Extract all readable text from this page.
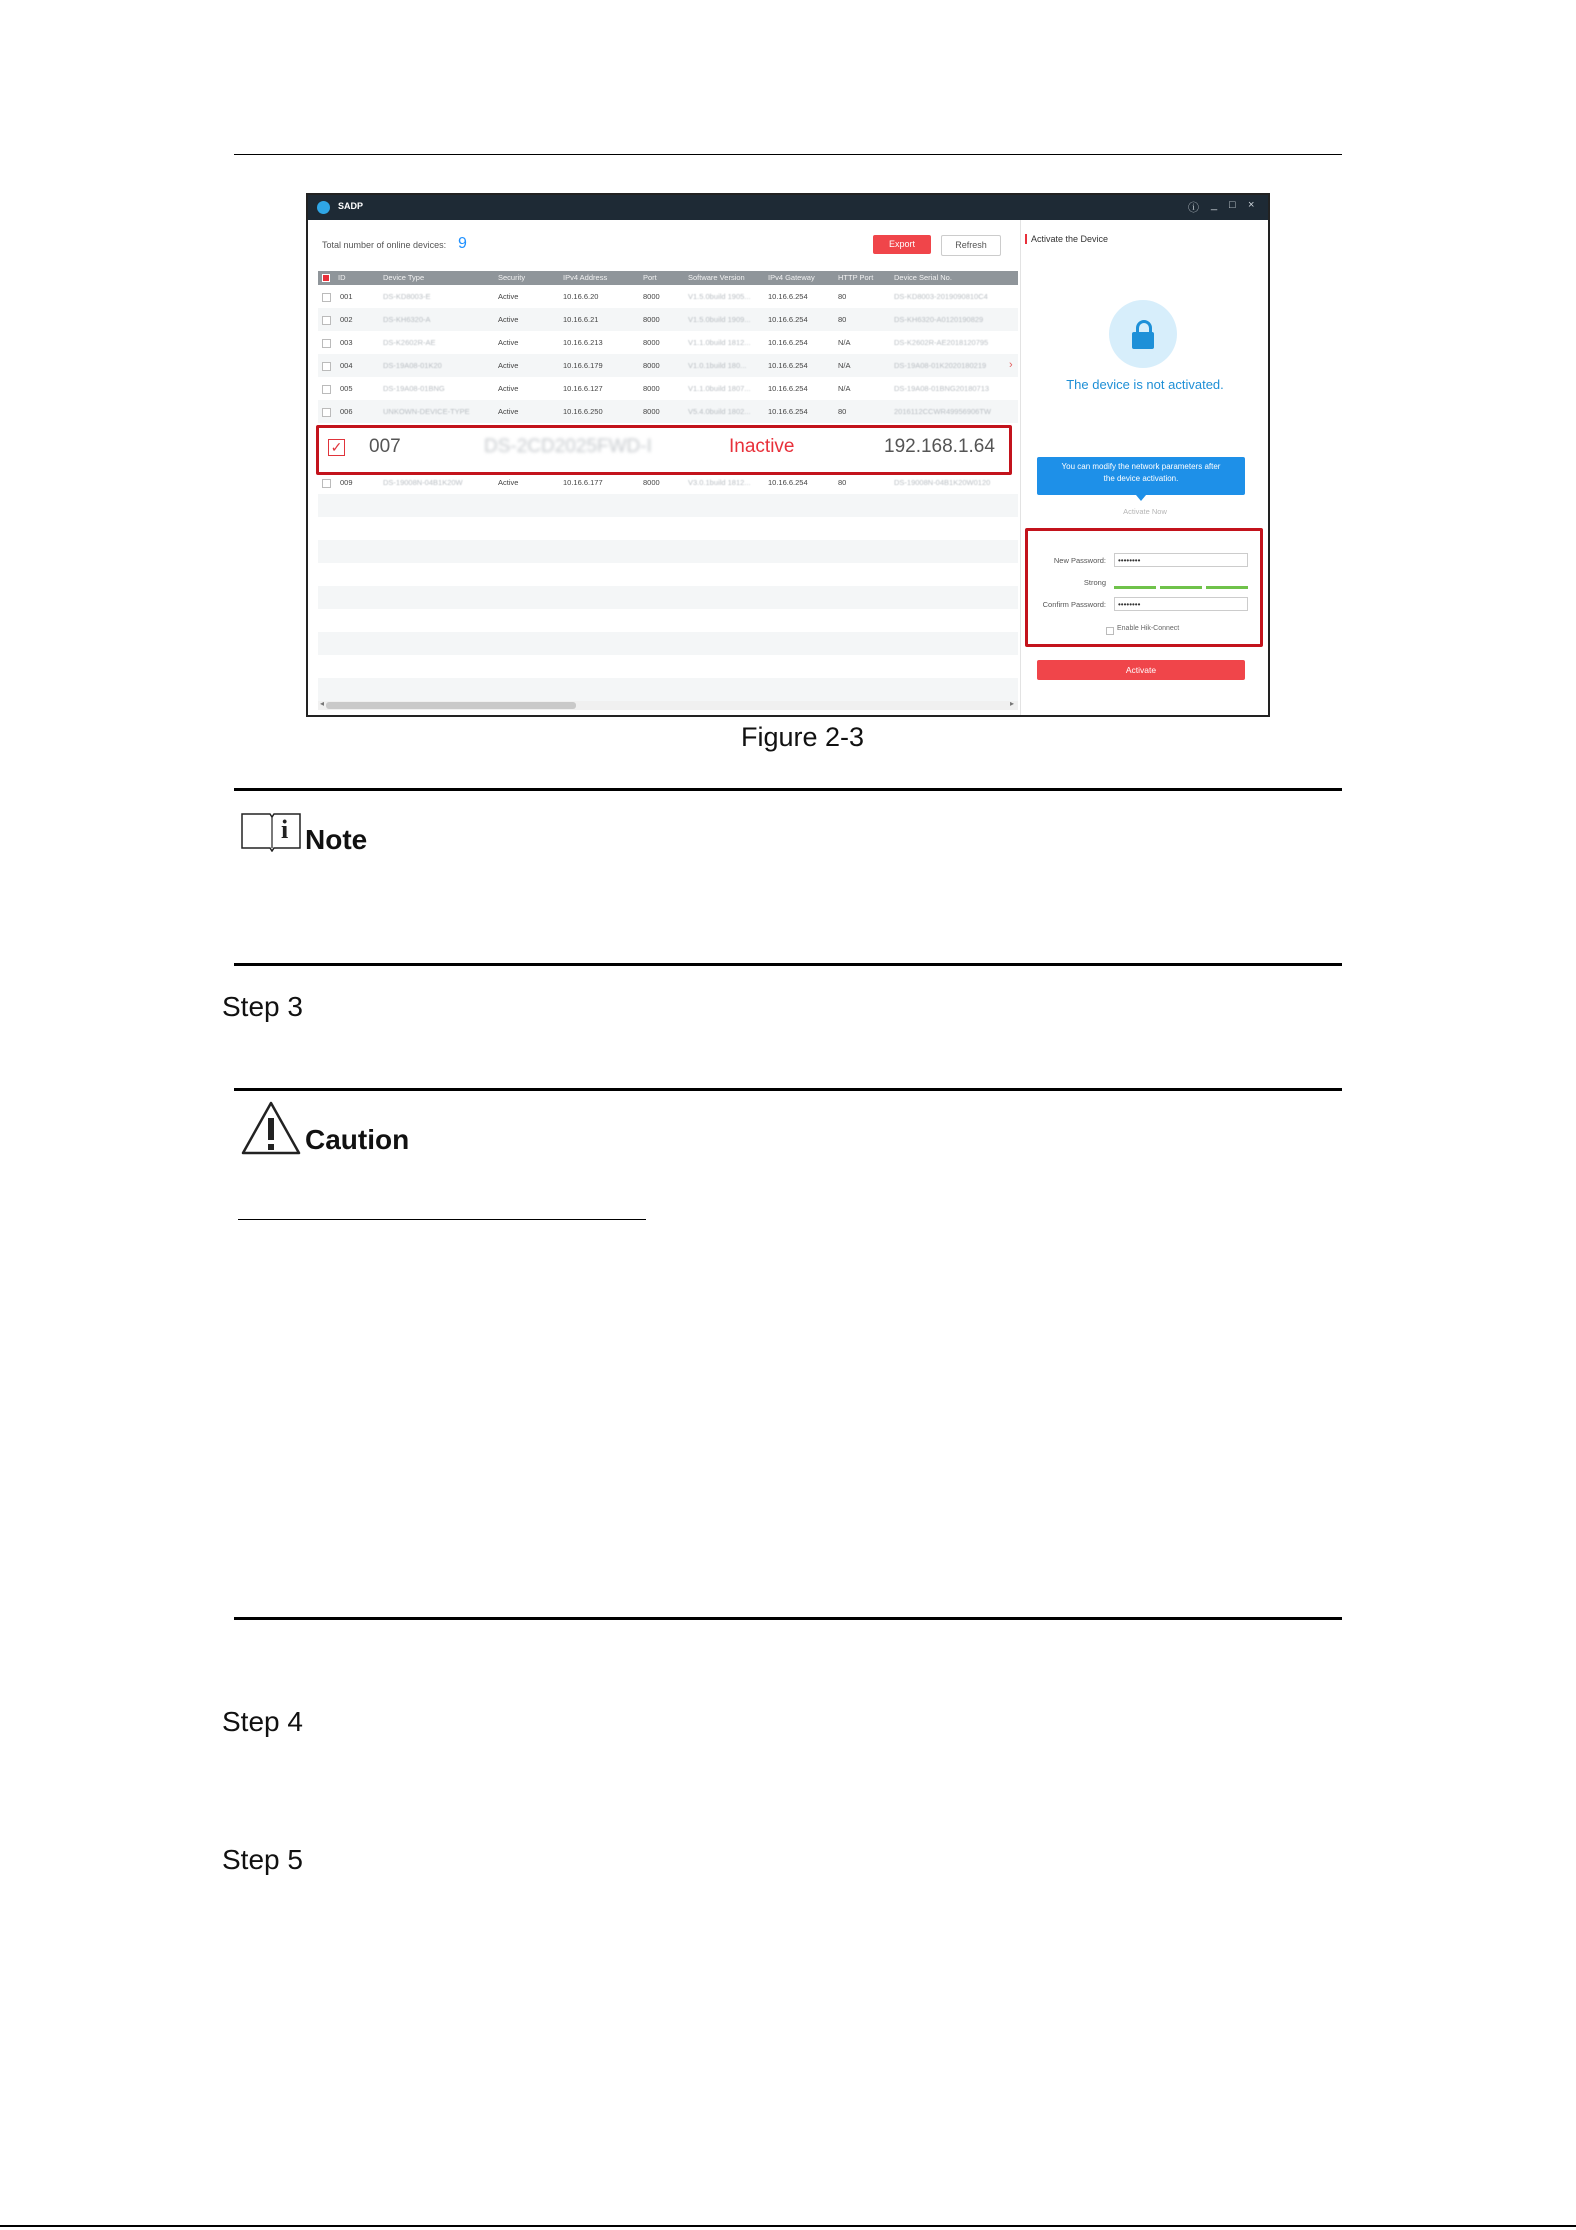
SADP	ⓘ _ □ ×
Total number of online devices: 9	Export	Refresh
ID	Device Type	Security	IPv4 Address	Port	Software Version	IPv4 Gateway	HTTP Port	Device Serial No.
001	DS-KD8003-E	Active	10.16.6.20	8000	V1.5.0build 1905... 10.16.6.254	80	DS-KD8003-2019090810C4
002	DS-KH6320-A	Active	10.16.6.21	8000	V1.5.0build 1909... 10.16.6.254	80	DS-KH6320-A0120190829
003	DS-K2602R-AE	Active	10.16.6.213	8000	V1.1.0build 1812... 10.16.6.254	N/A	DS-K2602R-AE2018120795
004	DS-19A08-01K20	Active	10.16.6.179	8000	V1.0.1build 180...	10.16.6.254	N/A	DS-19A08-01K2020180219
005	DS-19A08-01BNG	Active	10.16.6.127	8000	V1.1.0build 1807... 10.16.6.254	N/A	DS-19A08-01BNG20180713
006	UNKOWN-DEVICE-TYPE	Active	10.16.6.250	8000	V5.4.0build 1802... 10.16.6.254	80	2016112CCWR49956906TW
✓ 007	DS-2CD2025FWD-I	Inactive	192.168.1.64
009	DS-19008N-04B1K20W	Active	10.16.6.177	8000	V3.0.1build 1812... 10.16.6.254	80	DS-19008N-04B1K20W0120
◂	▸
›
Activate the Device
The device is not activated.
You can modify the network parameters after
the device activation.
Activate Now
New Password:	••••••••
Strong
Confirm Password:	••••••••
Enable Hik-Connect
Activate
Figure 2-3
i Note
Step 3
Caution
Step 4
Step 5
